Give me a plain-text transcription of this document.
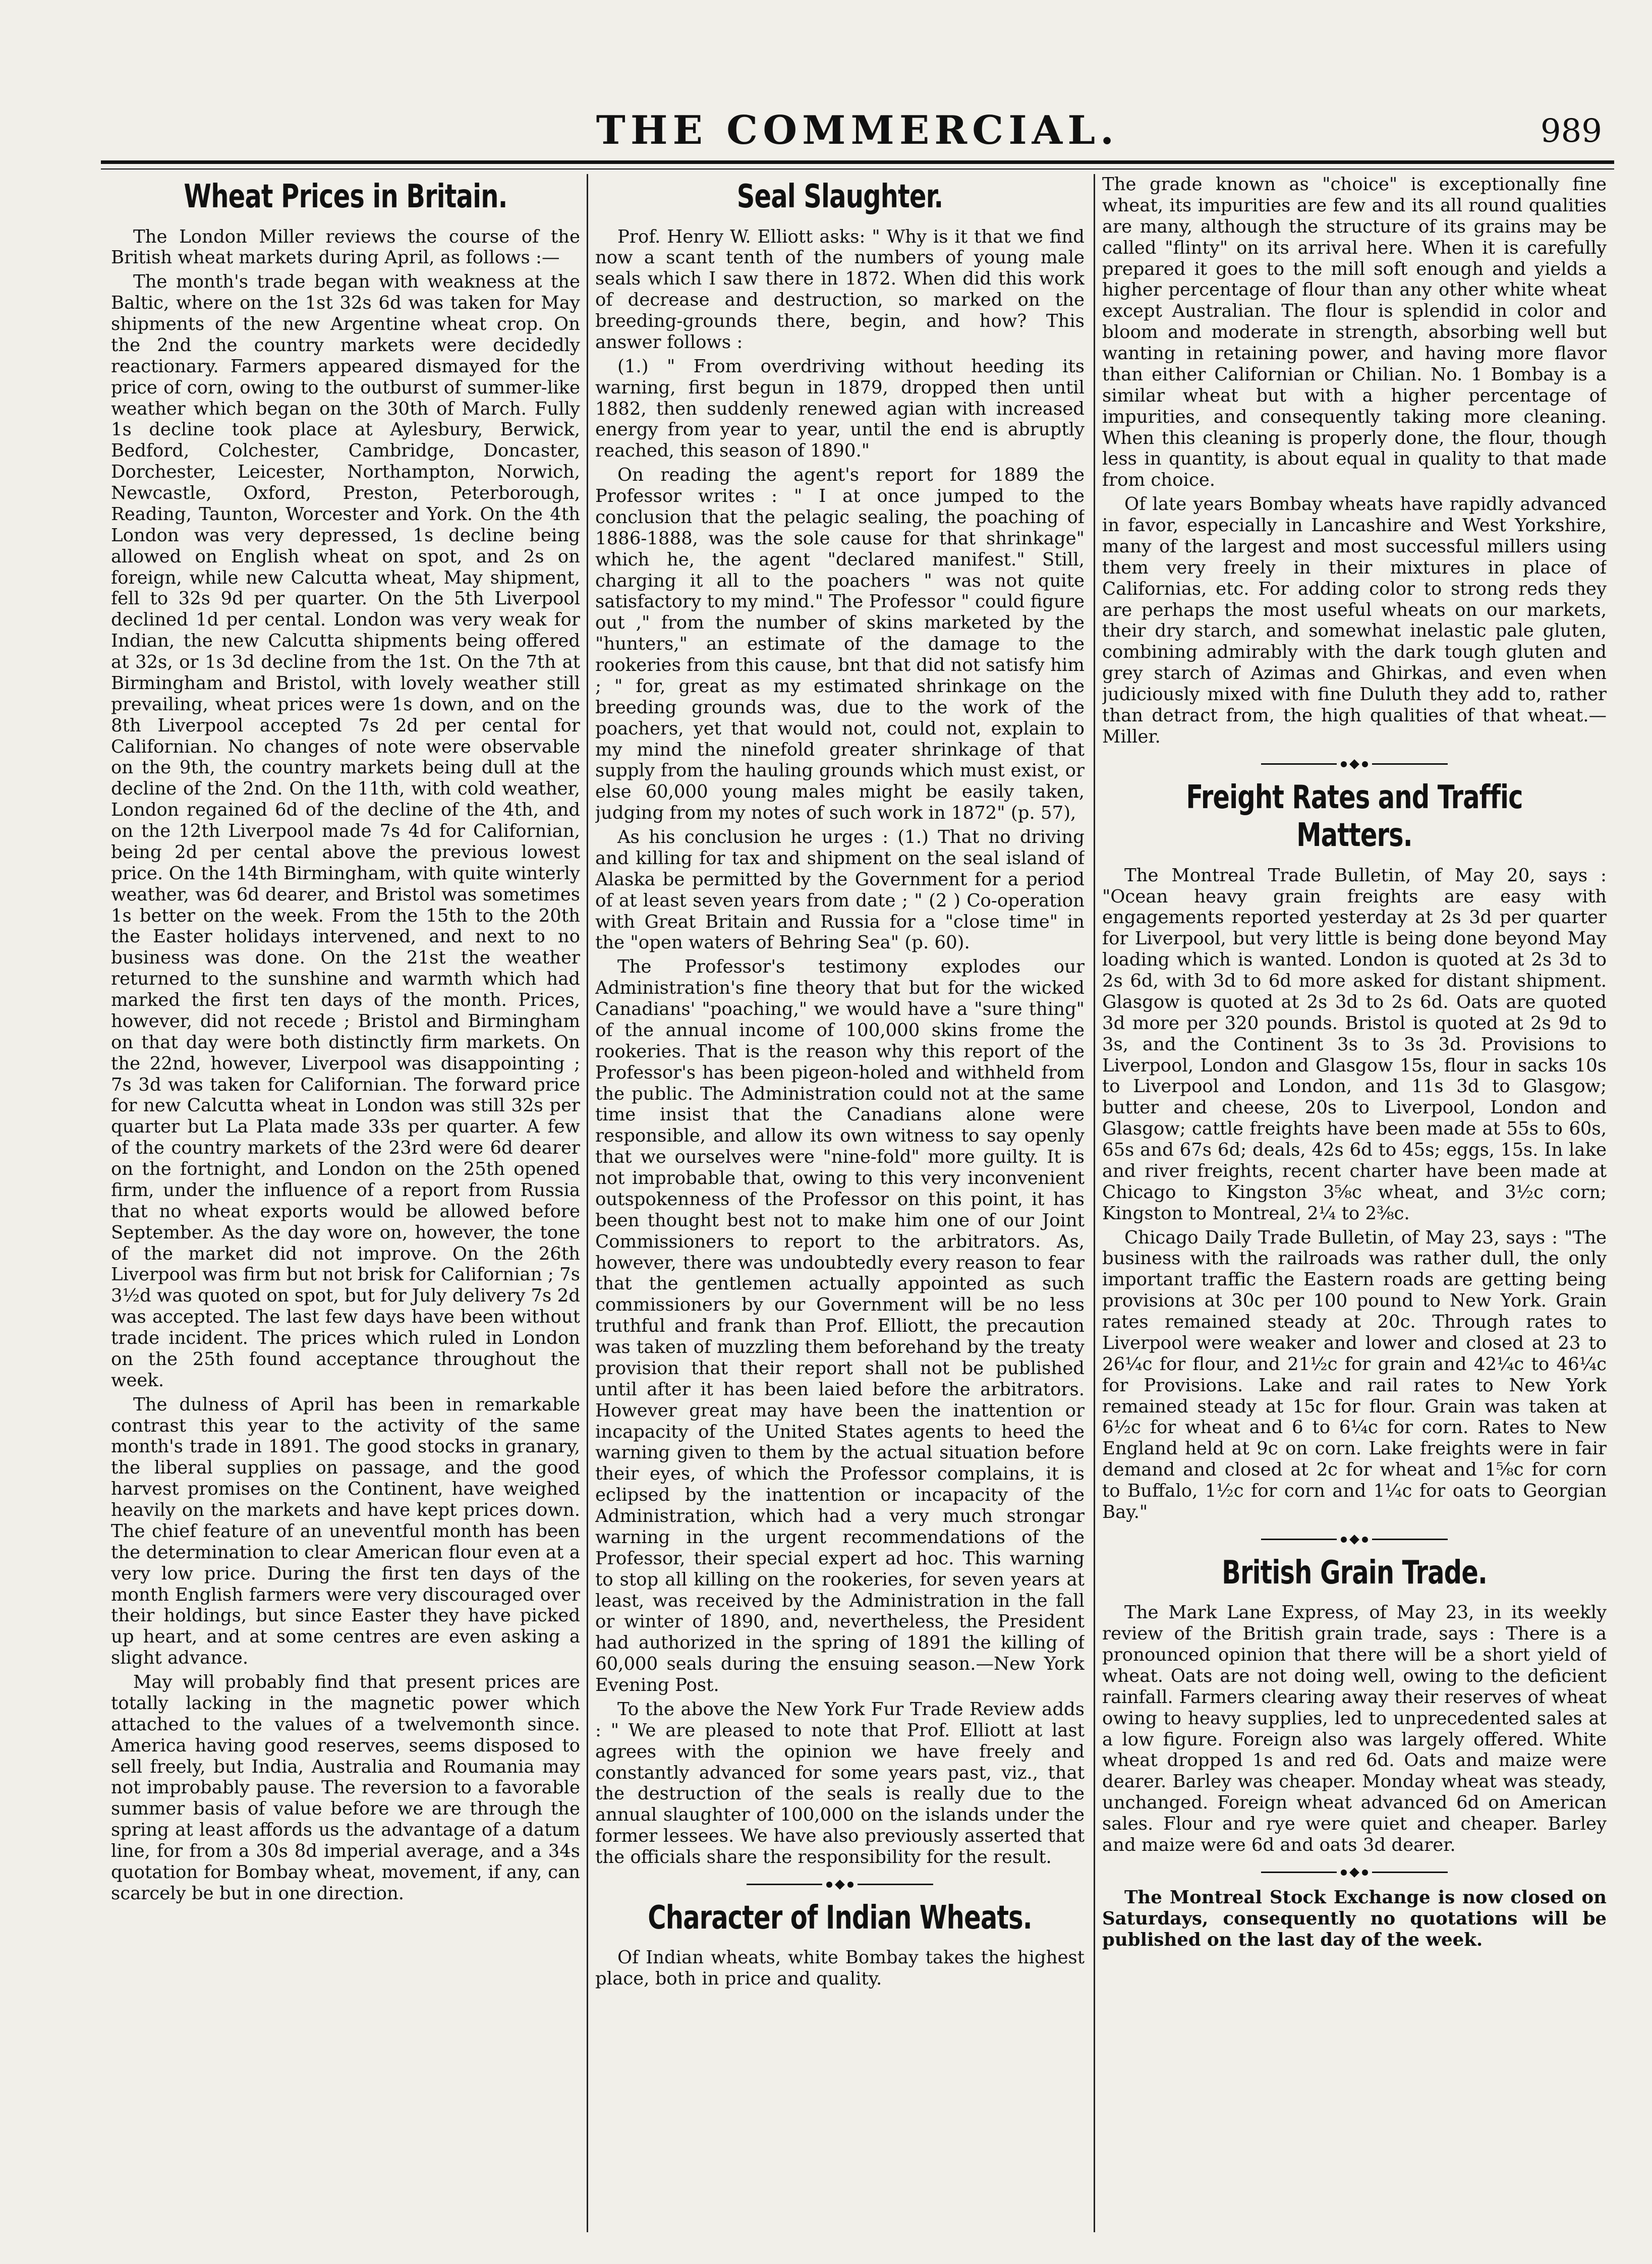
THE COMMERCIAL.	989
Wheat Prices in Britain.

The London Miller reviews the course of the British wheat markets during April, as follows :—

The month's trade began with weakness at the Baltic, where on the 1st 32s 6d was taken for May shipments of the new Argentine wheat crop. On the 2nd the country markets were decidedly reactionary. Farmers appeared dismayed for the price of corn, owing to the outburst of summer-like weather which began on the 30th of March. Fully 1s decline took place at Aylesbury, Berwick, Bedford, Colchester, Cambridge, Doncaster, Dorchester, Leicester, Northampton, Norwich, Newcastle, Oxford, Preston, Peterborough, Reading, Taunton, Worcester and York. On the 4th London was very depressed, 1s decline being allowed on English wheat on spot, and 2s on foreign, while new Calcutta wheat, May shipment, fell to 32s 9d per quarter. On the 5th Liverpool declined 1d per cental. London was very weak for Indian, the new Calcutta shipments being offered at 32s, or 1s 3d decline from the 1st. On the 7th at Birmingham and Bristol, with lovely weather still prevailing, wheat prices were 1s down, and on the 8th Liverpool accepted 7s 2d per cental for Californian. No changes of note were observable on the 9th, the country markets being dull at the decline of the 2nd. On the 11th, with cold weather, London regained 6d of the decline of the 4th, and on the 12th Liverpool made 7s 4d for Californian, being 2d per cental above the previous lowest price. On the 14th Birmingham, with quite winterly weather, was 6d dearer, and Bristol was sometimes 1s better on the week. From the 15th to the 20th the Easter holidays intervened, and next to no business was done. On the 21st the weather returned to the sunshine and warmth which had marked the first ten days of the month. Prices, however, did not recede ; Bristol and Birmingham on that day were both distinctly firm markets. On the 22nd, however, Liverpool was disappointing ; 7s 3d was taken for Californian. The forward price for new Calcutta wheat in London was still 32s per quarter but La Plata made 33s per quarter. A few of the country markets of the 23rd were 6d dearer on the fortnight, and London on the 25th opened firm, under the influence of a report from Russia that no wheat exports would be allowed before September. As the day wore on, however, the tone of the market did not improve. On the 26th Liverpool was firm but not brisk for Californian ; 7s 3½d was quoted on spot, but for July delivery 7s 2d was accepted. The last few days have been without trade incident. The prices which ruled in London on the 25th found acceptance throughout the week.

The dulness of April has been in remarkable contrast this year to the activity of the same month's trade in 1891. The good stocks in granary, the liberal supplies on passage, and the good harvest promises on the Continent, have weighed heavily on the markets and have kept prices down. The chief feature of an uneventful month has been the determination to clear American flour even at a very low price. During the first ten days of the month English farmers were very discouraged over their holdings, but since Easter they have picked up heart, and at some centres are even asking a slight advance.

May will probably find that present prices are totally lacking in the magnetic power which attached to the values of a twelvemonth since. America having good reserves, seems disposed to sell freely, but India, Australia and Roumania may not improbably pause. The reversion to a favorable summer basis of value before we are through the spring at least affords us the advantage of a datum line, for from a 30s 8d imperial average, and a 34s quotation for Bombay wheat, movement, if any, can scarcely be but in one direction.

Seal Slaughter.

Prof. Henry W. Elliott asks: " Why is it that we find now a scant tenth of the numbers of young male seals which I saw there in 1872. When did this work of decrease and destruction, so marked on the breeding-grounds there, begin, and how? This answer follows :

(1.) " From overdriving without heeding its warning, first begun in 1879, dropped then until 1882, then suddenly renewed agian with increased energy from year to year, until the end is abruptly reached, this season of 1890."

On reading the agent's report for 1889 the Professor writes : " I at once jumped to the conclusion that the pelagic sealing, the poaching of 1886-1888, was the sole cause for that shrinkage" which he, the agent "declared manifest." Still, charging it all to the poachers " was not quite satisfactory to my mind." The Professor " could figure out ," from the number of skins marketed by the "hunters," an estimate of the damage to the rookeries from this cause, bnt that did not satisfy him ; " for, great as my estimated shrinkage on the breeding grounds was, due to the work of the poachers, yet that would not, could not, explain to my mind the ninefold greater shrinkage of that supply from the hauling grounds which must exist, or else 60,000 young males might be easily taken, judging from my notes of such work in 1872" (p. 57),

As his conclusion he urges : (1.) That no driving and killing for tax and shipment on the seal island of Alaska be permitted by the Government for a period of at least seven years from date ; " (2 ) Co-operation with Great Britain and Russia for a "close time" in the "open waters of Behring Sea" (p. 60).

The Professor's testimony explodes our Administration's fine theory that but for the wicked Canadians' "poaching," we would have a "sure thing" of the annual income of 100,000 skins frome the rookeries. That is the reason why this report of the Professor's has been pigeon-holed and withheld from the public. The Administration could not at the same time insist that the Canadians alone were responsible, and allow its own witness to say openly that we ourselves were "nine-fold" more guilty. It is not improbable that, owing to this very inconvenient outspokenness of the Professor on this point, it has been thought best not to make him one of our Joint Commissioners to report to the arbitrators. As, however, there was undoubtedly every reason to fear that the gentlemen actually appointed as such commissioners by our Government will be no less truthful and frank than Prof. Elliott, the precaution was taken of muzzling them beforehand by the treaty provision that their report shall not be published until after it has been laied before the arbitrators. However great may have been the inattention or incapacity of the United States agents to heed the warning given to them by the actual situation before their eyes, of which the Professor complains, it is eclipsed by the inattention or incapacity of the Administration, which had a very much strongar warning in the urgent recommendations of the Professor, their special expert ad hoc. This warning to stop all killing on the rookeries, for seven years at least, was received by the Administration in the fall or winter of 1890, and, nevertheless, the President had authorized in the spring of 1891 the killing of 60,000 seals during the ensuing season.—New York Evening Post.

To the above the New York Fur Trade Review adds : " We are pleased to note that Prof. Elliott at last agrees with the opinion we have freely and constantly advanced for some years past, viz., that the destruction of the seals is really due to the annual slaughter of 100,000 on the islands under the former lessees. We have also previously asserted that the officials share the responsibility for the result.

Character of Indian Wheats.

Of Indian wheats, white Bombay takes the highest place, both in price and quality.

The grade known as "choice" is exceptionally fine wheat, its impurities are few and its all round qualities are many, although the structure of its grains may be called "flinty" on its arrival here. When it is carefully prepared it goes to the mill soft enough and yields a higher percentage of flour than any other white wheat except Australian. The flour is splendid in color and bloom and moderate in strength, absorbing well but wanting in retaining power, and having more flavor than either Californian or Chilian. No. 1 Bombay is a similar wheat but with a higher percentage of impurities, and consequently taking more cleaning. When this cleaning is properly done, the flour, though less in quantity, is about equal in quality to that made from choice.

Of late years Bombay wheats have rapidly advanced in favor, especially in Lancashire and West Yorkshire, many of the largest and most successful millers using them very freely in their mixtures in place of Californias, etc. For adding color to strong reds they are perhaps the most useful wheats on our markets, their dry starch, and somewhat inelastic pale gluten, combining admirably with the dark tough gluten and grey starch of Azimas and Ghirkas, and even when judiciously mixed with fine Duluth they add to, rather than detract from, the high qualities of that wheat.—Miller.

Freight Rates and Traffic Matters.

The Montreal Trade Bulletin, of May 20, says : "Ocean heavy grain freights are easy with engagements reported yesterday at 2s 3d per quarter for Liverpool, but very little is being done beyond May loading which is wanted. London is quoted at 2s 3d to 2s 6d, with 3d to 6d more asked for distant shipment. Glasgow is quoted at 2s 3d to 2s 6d. Oats are quoted 3d more per 320 pounds. Bristol is quoted at 2s 9d to 3s, and the Continent 3s to 3s 3d. Provisions to Liverpool, London and Glasgow 15s, flour in sacks 10s to Liverpool and London, and 11s 3d to Glasgow; butter and cheese, 20s to Liverpool, London and Glasgow; cattle freights have been made at 55s to 60s, 65s and 67s 6d; deals, 42s 6d to 45s; eggs, 15s. In lake and river freights, recent charter have been made at Chicago to Kingston 3⅝c wheat, and 3½c corn; Kingston to Montreal, 2¼ to 2⅜c.

Chicago Daily Trade Bulletin, of May 23, says : "The business with the railroads was rather dull, the only important traffic the Eastern roads are getting being provisions at 30c per 100 pound to New York. Grain rates remained steady at 20c. Through rates to Liverpool were weaker and lower and closed at 23 to 26¼c for flour, and 21½c for grain and 42¼c to 46¼c for Provisions. Lake and rail rates to New York remained steady at 15c for flour. Grain was taken at 6½c for wheat and 6 to 6¼c for corn. Rates to New England held at 9c on corn. Lake freights were in fair demand and closed at 2c for wheat and 1⅝c for corn to Buffalo, 1½c for corn and 1¼c for oats to Georgian Bay."

British Grain Trade.

The Mark Lane Express, of May 23, in its weekly review of the British grain trade, says : There is a pronounced opinion that there will be a short yield of wheat. Oats are not doing well, owing to the deficient rainfall. Farmers clearing away their reserves of wheat owing to heavy supplies, led to unprecedented sales at a low figure. Foreign also was largely offered. White wheat dropped 1s and red 6d. Oats and maize were dearer. Barley was cheaper. Monday wheat was steady, unchanged. Foreign wheat advanced 6d on American sales. Flour and rye were quiet and cheaper. Barley and maize were 6d and oats 3d dearer.

The Montreal Stock Exchange is now closed on Saturdays, consequently no quotations will be published on the last day of the week.
